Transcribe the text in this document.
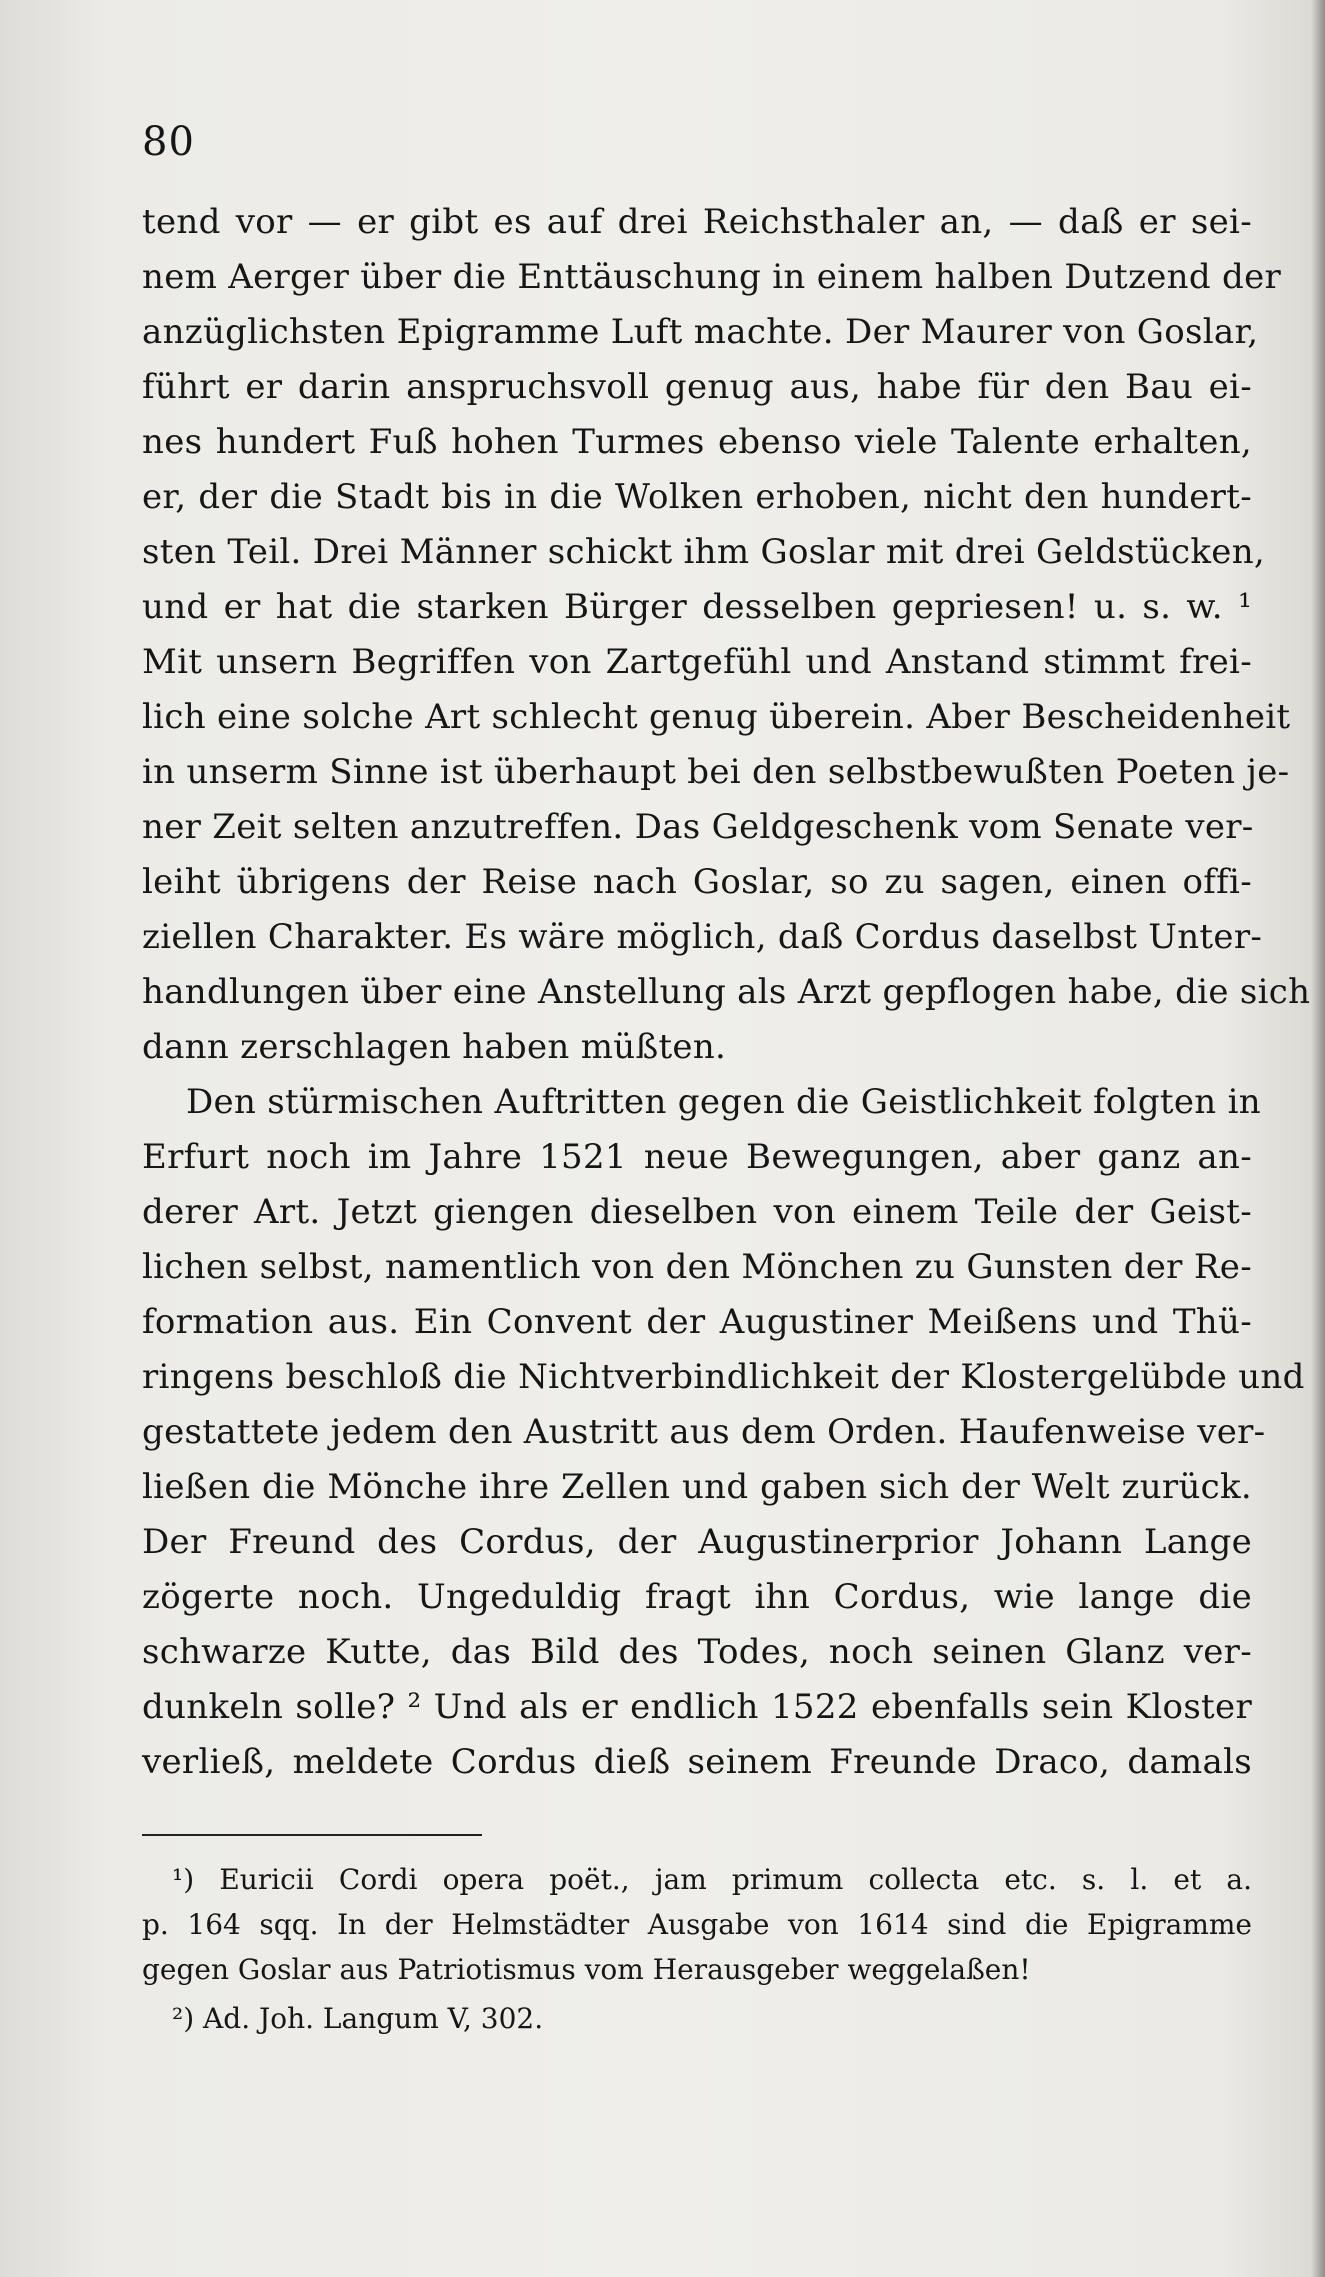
80
tend vor — er gibt es auf drei Reichsthaler an, — daß er sei-
nem Aerger über die Enttäuschung in einem halben Dutzend der
anzüglichsten Epigramme Luft machte. Der Maurer von Goslar,
führt er darin anspruchsvoll genug aus, habe für den Bau ei-
nes hundert Fuß hohen Turmes ebenso viele Talente erhalten,
er, der die Stadt bis in die Wolken erhoben, nicht den hundert-
sten Teil. Drei Männer schickt ihm Goslar mit drei Geldstücken,
und er hat die starken Bürger desselben gepriesen! u. s. w. ¹
Mit unsern Begriffen von Zartgefühl und Anstand stimmt frei-
lich eine solche Art schlecht genug überein. Aber Bescheidenheit
in unserm Sinne ist überhaupt bei den selbstbewußten Poeten je-
ner Zeit selten anzutreffen. Das Geldgeschenk vom Senate ver-
leiht übrigens der Reise nach Goslar, so zu sagen, einen offi-
ziellen Charakter. Es wäre möglich, daß Cordus daselbst Unter-
handlungen über eine Anstellung als Arzt gepflogen habe, die sich
dann zerschlagen haben müßten.
Den stürmischen Auftritten gegen die Geistlichkeit folgten in
Erfurt noch im Jahre 1521 neue Bewegungen, aber ganz an-
derer Art. Jetzt giengen dieselben von einem Teile der Geist-
lichen selbst, namentlich von den Mönchen zu Gunsten der Re-
formation aus. Ein Convent der Augustiner Meißens und Thü-
ringens beschloß die Nichtverbindlichkeit der Klostergelübde und
gestattete jedem den Austritt aus dem Orden. Haufenweise ver-
ließen die Mönche ihre Zellen und gaben sich der Welt zurück.
Der Freund des Cordus, der Augustinerprior Johann Lange
zögerte noch. Ungeduldig fragt ihn Cordus, wie lange die
schwarze Kutte, das Bild des Todes, noch seinen Glanz ver-
dunkeln solle? ² Und als er endlich 1522 ebenfalls sein Kloster
verließ, meldete Cordus dieß seinem Freunde Draco, damals
¹) Euricii Cordi opera poët., jam primum collecta etc. s. l. et a.
p. 164 sqq. In der Helmstädter Ausgabe von 1614 sind die Epigramme
gegen Goslar aus Patriotismus vom Herausgeber weggelaßen!
²) Ad. Joh. Langum V, 302.
